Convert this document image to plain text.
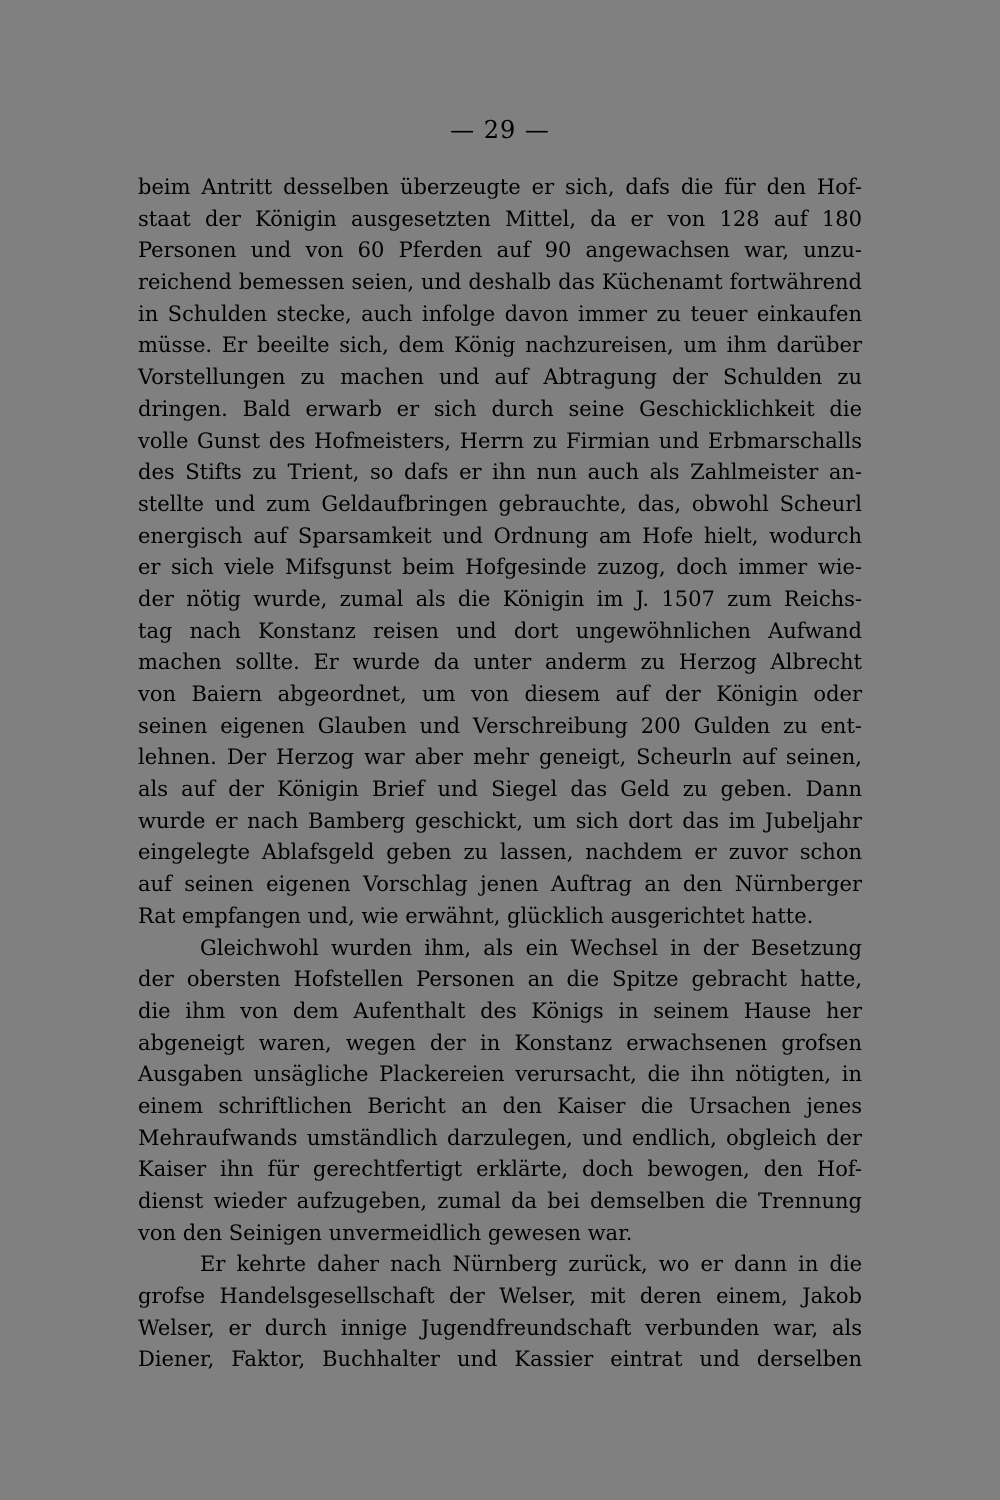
— 29 —
beim Antritt desselben überzeugte er sich, dafs die für den Hof-
staat der Königin ausgesetzten Mittel, da er von 128 auf 180
Personen und von 60 Pferden auf 90 angewachsen war, unzu-
reichend bemessen seien, und deshalb das Küchenamt fortwährend
in Schulden stecke, auch infolge davon immer zu teuer einkaufen
müsse. Er beeilte sich, dem König nachzureisen, um ihm darüber
Vorstellungen zu machen und auf Abtragung der Schulden zu
dringen. Bald erwarb er sich durch seine Geschicklichkeit die
volle Gunst des Hofmeisters, Herrn zu Firmian und Erbmarschalls
des Stifts zu Trient, so dafs er ihn nun auch als Zahlmeister an-
stellte und zum Geldaufbringen gebrauchte, das, obwohl Scheurl
energisch auf Sparsamkeit und Ordnung am Hofe hielt, wodurch
er sich viele Mifsgunst beim Hofgesinde zuzog, doch immer wie-
der nötig wurde, zumal als die Königin im J. 1507 zum Reichs-
tag nach Konstanz reisen und dort ungewöhnlichen Aufwand
machen sollte. Er wurde da unter anderm zu Herzog Albrecht
von Baiern abgeordnet, um von diesem auf der Königin oder
seinen eigenen Glauben und Verschreibung 200 Gulden zu ent-
lehnen. Der Herzog war aber mehr geneigt, Scheurln auf seinen,
als auf der Königin Brief und Siegel das Geld zu geben. Dann
wurde er nach Bamberg geschickt, um sich dort das im Jubeljahr
eingelegte Ablafsgeld geben zu lassen, nachdem er zuvor schon
auf seinen eigenen Vorschlag jenen Auftrag an den Nürnberger
Rat empfangen und, wie erwähnt, glücklich ausgerichtet hatte.
Gleichwohl wurden ihm, als ein Wechsel in der Besetzung
der obersten Hofstellen Personen an die Spitze gebracht hatte,
die ihm von dem Aufenthalt des Königs in seinem Hause her
abgeneigt waren, wegen der in Konstanz erwachsenen grofsen
Ausgaben unsägliche Plackereien verursacht, die ihn nötigten, in
einem schriftlichen Bericht an den Kaiser die Ursachen jenes
Mehraufwands umständlich darzulegen, und endlich, obgleich der
Kaiser ihn für gerechtfertigt erklärte, doch bewogen, den Hof-
dienst wieder aufzugeben, zumal da bei demselben die Trennung
von den Seinigen unvermeidlich gewesen war.
Er kehrte daher nach Nürnberg zurück, wo er dann in die
grofse Handelsgesellschaft der Welser, mit deren einem, Jakob
Welser, er durch innige Jugendfreundschaft verbunden war, als
Diener, Faktor, Buchhalter und Kassier eintrat und derselben
